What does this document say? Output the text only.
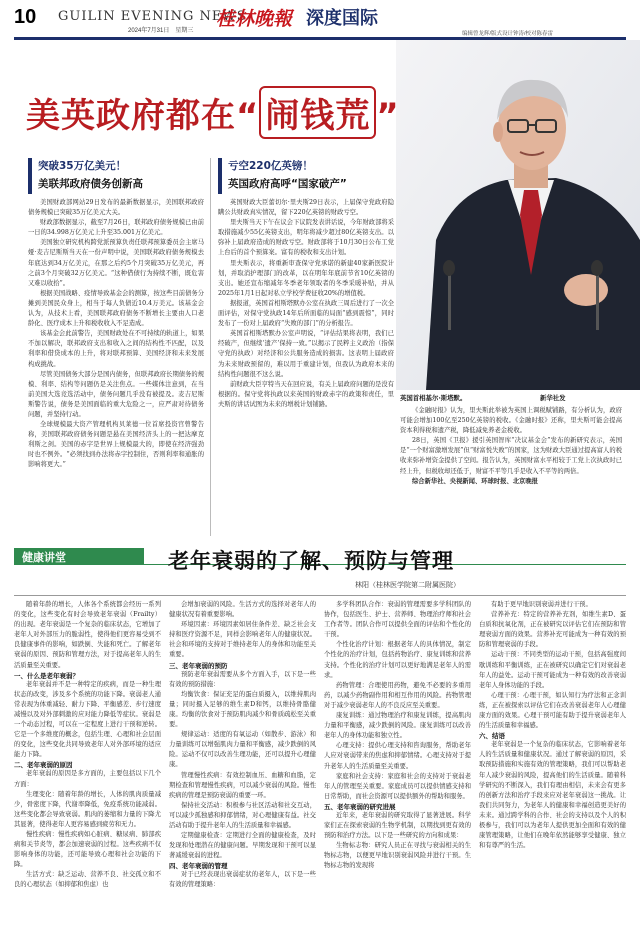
10 GUILIN EVENING NEWS
2024年7月31日　星期三
桂林晚報 深度国际
编辑曾龙辉/版式设计钟涛/校对陈春雷
美英政府都在“ 闹钱荒 ”
突破35万亿美元！
美联邦政府债务创新高

美国财政部网站29日发布的最新数据显示，美国联邦政府债务规模已突破35万亿美元大关。

财政部数据显示，截至7月26日，联邦政府债务规模已由前一日的34.998万亿美元上升至35.001万亿美元。

美国独立研究机构跨党派预算负责任联邦预算委员会主席马娅·麦吉尼斯斯当天在一份声明中说，美国联邦政府债务规模去年底达到34万亿美元，在那之后约5个月突破35万亿美元，再之前3个月突破32万亿美元。“这种借债行为持续不断，既危害又难以收拾”。

根据美国战略、疫情导致基金会的测算，按这些目前债务分摊到美国民众身上，相当于每人负债近10.4万美元。该基金会认为，从技术上看，美国联邦政府债务不断增长主要由人口老龄化、医疗成本上升和税收收入不足造成。

该基金会此前警告，美国财政处在不可持续的轨道上，如果不加以解决，联邦政府支出和收入之间的结构性不匹配，以及利率和借贷成本的上升，将对联邦预算、美国经济和未来发展构成挑战。

尽管美国债务大部分是国内债务，但联邦政府长期债务的规模、利率、结构等问题仍是关注焦点。一些媒体注意到，在当前美国大选竞选活动中，债务问题几乎没有被提及。麦吉尼斯斯警告说，债务是美国面临的重大危险之一，应严肃对待债务问题，并坚持行动。

全球规模最大资产管理机构贝莱德一位首席投资官曾警告称，美国联邦政府债务问题是悬在美国经济头上的一把达摩克利斯之剑。美国的赤字是世界上规模最大的，即使在经济强劲时也不例外。“必须找到办法将赤字控制住，否则利率和通胀的影响将更大。”

亏空220亿英镑！
英国政府高呼“国家破产”

英国财政大臣蕾切尔·里夫斯29日表示，上届保守党政府隐瞒公共财政真实情况，留下220亿英镑的财政亏空。

里夫斯当天下午在议会下议院发表讲话说，今年财政部将采取措施减少55亿英镑支出，明年将减少超过80亿英镑支出。以弥补上届政府造成的财政亏空。财政部将于10月30日公布工党上台后的首个预算案。富有的税收和支出计划。

里夫斯表示，将重新审查保守党承诺的新建40家新医院计划，并取消护理部门的改革，以在明年年底前节省10亿英镑的支出。她还宣布缩减年冬季老年领取者的冬季采暖补贴，并从2025年1月1日起对私立学校学费征收20%的增值税。

据报道，英国首相斯塔默办公室在执政三周后进行了一次全面评估，对保守党执政14年后所面临的局面“感到震惊”，同时发布了一份对上届政府“失败的部门”的分析报告。

英国首相斯塔默办公室声明说，“评估结果将表明，我们已经破产，但继续‘遗产’保持一致。”以揭示了民粹主义政治（指保守党的执政）对经济和公共服务造成的损害。这表明上届政府为未来财政预留的，难以用于重建计划，但我认为政府本来的结构性问题很不这么说。

前财政大臣亨特当天在回应说，有关上届政府问题的是没有根据的。保守党将执政以来英国的财政赤字的政策和责任，里夫斯的讲话试图为未来的增税计划铺路。

英国首相基尔·斯塔默。	新华社发

《金融时报》认为，里夫斯此举被为英国上调税赋铺路，有分析认为，政府可能会增加100亿至250亿英镑的税收。《金融时报》还称，里夫斯可能会提高资本利得税和遗产税，降低减免养老金税收。

28日，英国《卫报》援引英国智库“决议基金会”发布的新研究表示，英国是“一个财富激增发展”但“财富悦失败”的国家，这为财政大臣通过提高富人的税收来弥补增资金提供了空间。报告认为，英国财富水平相较于工党上次执政时已经上升，但税收却还低于，财富不平等几乎是收入不平等的两倍。

综合新华社、央视新闻、环球时报、北京晚报

健康讲堂	老年衰弱的了解、预防与管理
林阳（桂林医学院第二附属医院）

随着年龄的增长，人体各个系统都会经历一系列的变化，这些变化有时会导致老年衰弱（Frailty）的出现。老年衰弱是一个复杂的临床状态，它增加了老年人对外部压力的脆弱性，使得他们更容易受到不良健康事件的影响，如跌倒、失能和死亡。了解老年衰弱的原因、预防和管理方法，对于提高老年人的生活质量至关重要。

一、什么是老年衰弱？

老年衰弱并不是一种特定的疾病，而是一种生理状态的改变，涉及多个系统的功能下降。衰弱老人通常表现为体重减轻、耐力下降、平衡感差、步行速度减慢以及对外部刺激的应对能力降低等症状。衰弱是一个动态过程，可以在一定程度上进行干预和逆转。它是一个多维度的概念，包括生理、心理和社会层面的变化，这些变化共同导致老年人对外部环境的适应能力下降。

二、老年衰弱的原因

老年衰弱的原因是多方面的，主要包括以下几个方面：

生理变化：随着年龄的增长，人体的肌肉质量减少，骨密度下降，代谢率降低，免疫系统功能减弱。这些变化都会导致衰弱。肌肉的萎缩和力量的下降尤其显著，使得老年人更容易感到疲劳和无力。

慢性疾病：慢性疾病如心脏病、糖尿病、肺部疾病和关节炎等，都会加速衰弱的过程。这些疾病不仅影响身体的功能，还可能导致心理和社会功能的下降。

生活方式：缺乏运动、营养不良、社交孤立和不良的心理状态（如抑郁和焦虑）也

会增加衰弱的风险。生活方式的选择对老年人的健康状况有着重要影响。

环境因素：环境因素如居住条件差、缺乏社会支持和医疗资源不足，同样会影响老年人的健康状况。社会和环境的支持对于维持老年人的身体和功能至关重要。

三、老年衰弱的预防

预防老年衰弱需要从多个方面入手，以下是一些有效的预防措施：

均衡饮食：保证充足的蛋白质摄入，以维持肌肉量；同时摄入足够的维生素D和钙，以维持骨骼健康。均衡的饮食对于预防肌肉减少和骨质疏松至关重要。

规律运动：适度的有氧运动（如散步、游泳）和力量训练可以增强肌肉力量和平衡感，减少跌倒的风险。运动不仅可以改善生理功能，还可以提升心理健康。

管理慢性疾病：有效控制血压、血糖和血脂，定期检查和管理慢性疾病，可以减少衰弱的风险。慢性疾病的管理是预防衰弱的重要一环。

保持社交活动：积极参与社区活动和社交互动，可以减少孤独感和抑郁情绪，对心理健康有益。社交活动有助于提升老年人的生活质量和幸福感。

定期健康检查：定期进行全面的健康检查，及时发现和处理潜在的健康问题。早期发现和干预可以显著减缓衰弱的进程。

四、老年衰弱的管理

对于已经表现出衰弱症状的老年人，以下是一些有效的管理策略：

多学科团队合作：衰弱的管理需要多学科团队的协作，包括医生、护士、营养师、物理治疗师和社会工作者等。团队合作可以提供全面的评估和个性化的干预。

个性化治疗计划：根据老年人的具体情况，制定个性化的治疗计划，包括药物治疗、康复训练和营养支持。个性化的治疗计划可以更好地满足老年人的需求。

药物管理：合理使用药物，避免不必要的多重用药，以减少药物副作用和相互作用的风险。药物管理对于减少衰弱老年人的不良反应至关重要。

康复训练：通过物理治疗和康复训练，提高肌肉力量和平衡感，减少跌倒的风险。康复训练可以改善老年人的身体功能和独立性。

心理支持：提供心理支持和咨询服务，帮助老年人应对衰弱带来的焦虑和抑郁情绪。心理支持对于提升老年人的生活质量至关重要。

家庭和社会支持：家庭和社会的支持对于衰弱老年人的管理至关重要。家庭成员可以提供情感支持和日常帮助，而社会资源可以提供额外的帮助和服务。

五、老年衰弱的研究进展

近年来，老年衰弱的研究取得了显著进展。科学家们正在探索衰弱的生物学机制，以期找到更有效的预防和治疗方法。以下是一些研究的方向和成果：

生物标志物：研究人员正在寻找与衰弱相关的生物标志物，以便更早地识别衰弱风险并进行干预。生物标志物的发现将

有助于更早地识别衰弱并进行干预。

营养补充：特定的营养补充剂，如维生素D、蛋白质和抗氧化剂，正在被研究以评估它们在预防和管理衰弱方面的效果。营养补充可能成为一种有效的预防和管理衰弱的手段。

运动干预：不同类型的运动干预，包括高强度间歇训练和平衡训练，正在被研究以确定它们对衰弱老年人的益处。运动干预可能成为一种有效的改善衰弱老年人身体功能的手段。

心理干预：心理干预，如认知行为疗法和正念训练，正在被探索以评估它们在改善衰弱老年人心理健康方面的效果。心理干预可能有助于提升衰弱老年人的生活质量和幸福感。

六、结语

老年衰弱是一个复杂的临床状态，它影响着老年人的生活质量和健康状况。通过了解衰弱的原因，采取预防措施和实施有效的管理策略，我们可以帮助老年人减少衰弱的风险，提高他们的生活质量。随着科学研究的不断深入，我们有理由相信，未来会有更多的创新方法和治疗手段来应对老年衰弱这一挑战。让我们共同努力，为老年人的健康和幸福创造更美好的未来。通过跨学科的合作、社会的支持以及个人的积极参与，我们可以为老年人提供更加全面和有效的健康管理策略，让他们在晚年依然能够享受健康、独立和有尊严的生活。
